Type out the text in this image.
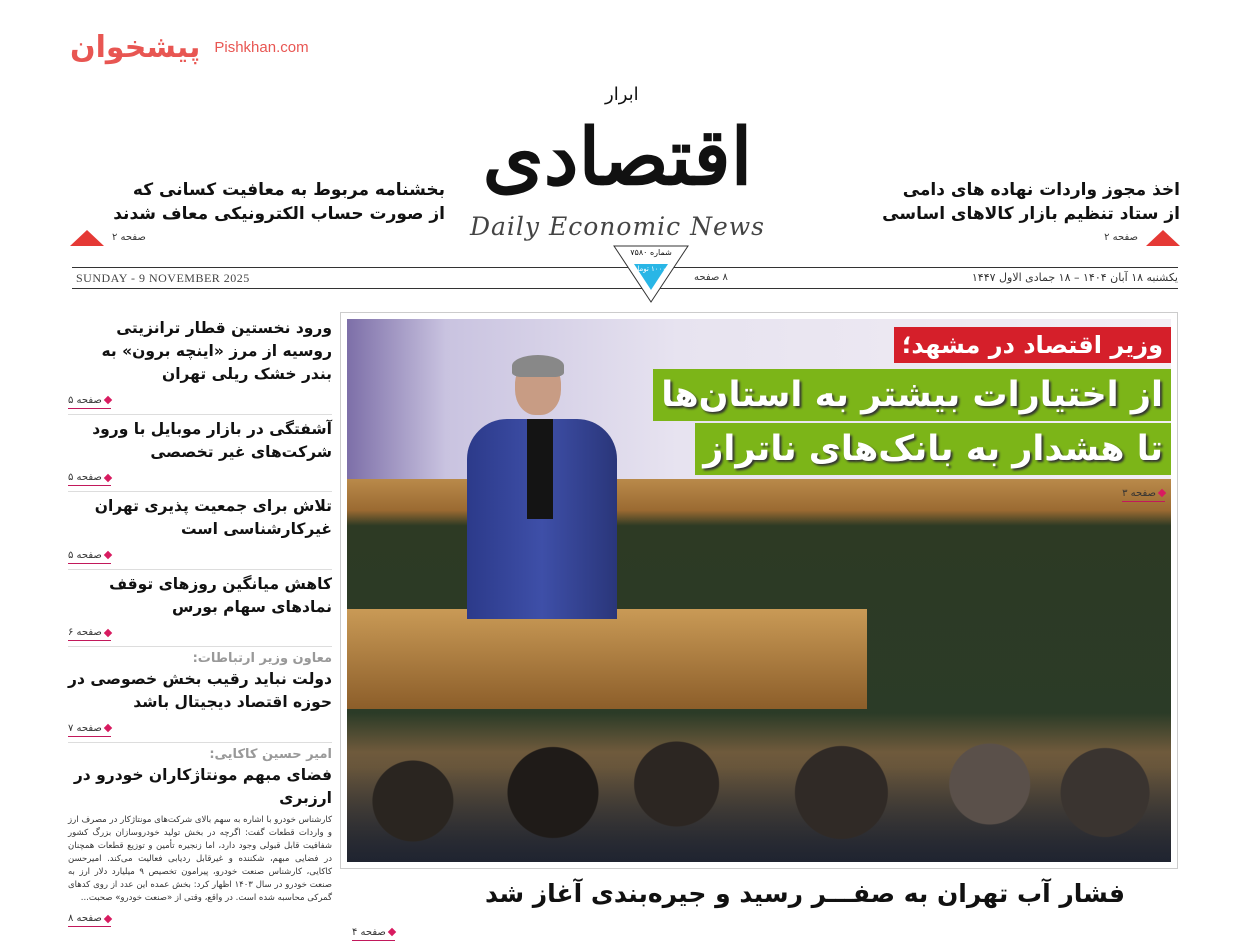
پیشخوان Pishkhan.com
ابرار
اقتصادی
Daily Economic News
اخذ مجوز واردات نهاده های دامی
از ستاد تنظیم بازار کالاهای اساسی
صفحه ۲
بخشنامه مربوط به معافیت کسانی که
از صورت حساب الکترونیکی معاف شدند
صفحه ۲
SUNDAY - 9 NOVEMBER 2025	یکشنبه ۱۸ آبان ۱۴۰۴ – ۱۸ جمادی الاول ۱۴۴۷
۸ صفحه
شماره ۷۵۸۰
۱۰۰۰۰ تومان
وزیر اقتصاد در مشهد؛
از اختیارات بیشتر به استان‌ها
تا هشدار به بانک‌های ناتراز
صفحه ۳
فشار آب تهران به صفـــر رسید و جیره‌بندی آغاز شد
صفحه ۴
ورود نخستین قطار ترانزیتی روسیه از مرز «اینچه برون» به بندر خشک ریلی تهران
صفحه ۵
آشفتگی در بازار موبایل با ورود شرکت‌های غیر تخصصی
صفحه ۵
تلاش برای جمعیت پذیری تهران غیرکارشناسی است
صفحه ۵
کاهش میانگین روزهای توقف نمادهای سهام بورس
صفحه ۶
معاون وزیر ارتباطات:
دولت نباید رقیب بخش خصوصی در حوزه اقتصاد دیجیتال باشد
صفحه ۷
امیر حسین کاکایی:
فضای مبهم مونتاژکاران خودرو در ارزبری
کارشناس خودرو با اشاره به سهم بالای شرکت‌های مونتاژکار در مصرف ارز و واردات قطعات گفت: اگرچه در بخش تولید خودروسازان بزرگ کشور شفافیت قابل قبولی وجود دارد، اما زنجیره تأمین و توزیع قطعات همچنان در فضایی مبهم، شکننده و غیرقابل ردیابی فعالیت می‌کند. امیرحسن کاکایی، کارشناس صنعت خودرو، پیرامون تخصیص ۹ میلیارد دلار ارز به صنعت خودرو در سال ۱۴۰۳ اظهار کرد: بخش عمده این عدد از روی کدهای گمرکی محاسبه شده است. در واقع، وقتی از «صنعت خودرو» صحبت...
صفحه ۸
